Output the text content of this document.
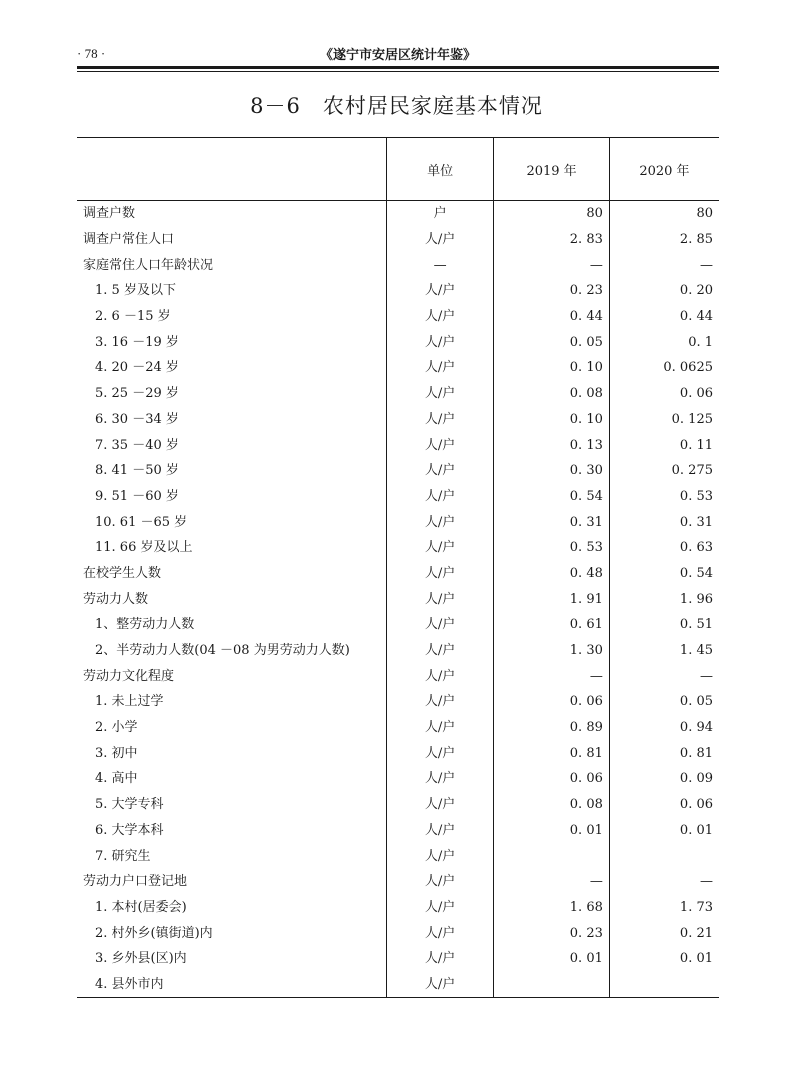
· 78 ·	《遂宁市安居区统计年鉴》
8－6　农村居民家庭基本情况
	单位	2019 年	2020 年
调查户数	户	80	80
调查户常住人口	人/户	2. 83	2. 85
家庭常住人口年龄状况	—	—	—
1. 5 岁及以下	人/户	0. 23	0. 20
2. 6 －15 岁	人/户	0. 44	0. 44
3. 16 －19 岁	人/户	0. 05	0. 1
4. 20 －24 岁	人/户	0. 10	0. 0625
5. 25 －29 岁	人/户	0. 08	0. 06
6. 30 －34 岁	人/户	0. 10	0. 125
7. 35 －40 岁	人/户	0. 13	0. 11
8. 41 －50 岁	人/户	0. 30	0. 275
9. 51 －60 岁	人/户	0. 54	0. 53
10. 61 －65 岁	人/户	0. 31	0. 31
11. 66 岁及以上	人/户	0. 53	0. 63
在校学生人数	人/户	0. 48	0. 54
劳动力人数	人/户	1. 91	1. 96
1、整劳动力人数	人/户	0. 61	0. 51
2、半劳动力人数(04 －08 为男劳动力人数)	人/户	1. 30	1. 45
劳动力文化程度	人/户	—	—
1. 未上过学	人/户	0. 06	0. 05
2. 小学	人/户	0. 89	0. 94
3. 初中	人/户	0. 81	0. 81
4. 高中	人/户	0. 06	0. 09
5. 大学专科	人/户	0. 08	0. 06
6. 大学本科	人/户	0. 01	0. 01
7. 研究生	人/户		
劳动力户口登记地	人/户	—	—
1. 本村(居委会)	人/户	1. 68	1. 73
2. 村外乡(镇街道)内	人/户	0. 23	0. 21
3. 乡外县(区)内	人/户	0. 01	0. 01
4. 县外市内	人/户		
